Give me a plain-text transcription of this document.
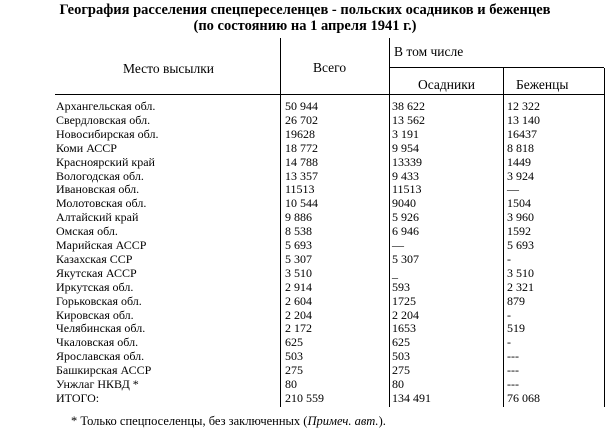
География расселения спецпереселенцев - польских осадников и беженцев
(по состоянию на 1 апреля 1941 г.)
Место высылки	Всего
В том числе
Осадники	Беженцы
Архангельская обл.	50 944	38 622	12 322
Свердловская обл.	26 702	13 562	13 140
Новосибирская обл.	19628	3 191	16437
Коми АССР	18 772	9 954	8 818
Красноярский край	14 788	13339	1449
Вологодская обл.	13 357	9 433	3 924
Ивановская обл.	11513	11513	—
Молотовская обл.	10 544	9040	1504
Алтайский край	9 886	5 926	3 960
Омская обл.	8 538	6 946	1592
Марийская АССР	5 693	—	5 693
Казахская ССР	5 307	5 307	-
Якутская АССР	3 510	_	3 510
Иркутская обл.	2 914	593	2 321
Горьковская обл.	2 604	1725	879
Кировская обл.	2 204	2 204	-
Челябинская обл.	2 172	1653	519
Чкаловская обл.	625	625	-
Ярославская обл.	503	503	---
Башкирская АССР	275	275	---
Унжлаг НКВД *	80	80	---
ИТОГО:	210 559	134 491	76 068
* Только спецпоселенцы, без заключенных (Примеч. авт.).
